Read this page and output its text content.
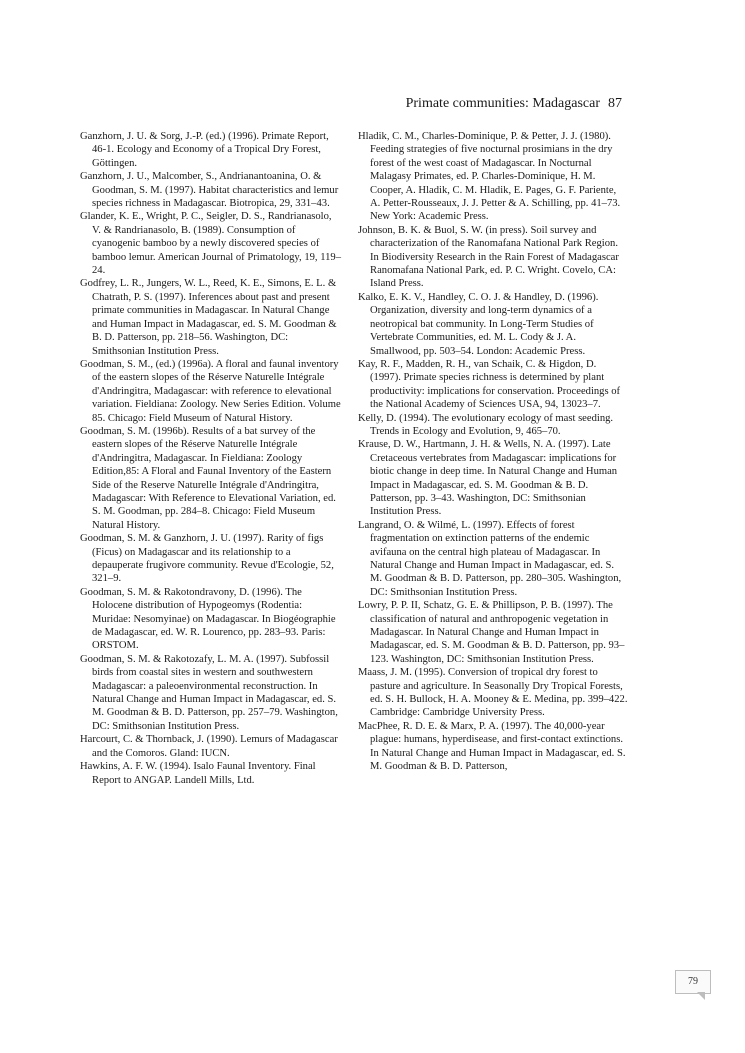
Primate communities: Madagascar 87

Ganzhorn, J. U. & Sorg, J.-P. (ed.) (1996). Primate Report, 46-1. Ecology and Economy of a Tropical Dry Forest, Göttingen.

Ganzhorn, J. U., Malcomber, S., Andrianantoanina, O. & Goodman, S. M. (1997). Habitat characteristics and lemur species richness in Madagascar. Biotropica, 29, 331–43.

Glander, K. E., Wright, P. C., Seigler, D. S., Randrianasolo, V. & Randrianasolo, B. (1989). Consumption of cyanogenic bamboo by a newly discovered species of bamboo lemur. American Journal of Primatology, 19, 119–24.

Godfrey, L. R., Jungers, W. L., Reed, K. E., Simons, E. L. & Chatrath, P. S. (1997). Inferences about past and present primate communities in Madagascar. In Natural Change and Human Impact in Madagascar, ed. S. M. Goodman & B. D. Patterson, pp. 218–56. Washington, DC: Smithsonian Institution Press.

Goodman, S. M., (ed.) (1996a). A floral and faunal inventory of the eastern slopes of the Réserve Naturelle Intégrale d'Andringitra, Madagascar: with reference to elevational variation. Fieldiana: Zoology. New Series Edition. Volume 85. Chicago: Field Museum of Natural History.

Goodman, S. M. (1996b). Results of a bat survey of the eastern slopes of the Réserve Naturelle Intégrale d'Andringitra, Madagascar. In Fieldiana: Zoology Edition,85: A Floral and Faunal Inventory of the Eastern Side of the Reserve Naturelle Intégrale d'Andringitra, Madagascar: With Reference to Elevational Variation, ed. S. M. Goodman, pp. 284–8. Chicago: Field Museum Natural History.

Goodman, S. M. & Ganzhorn, J. U. (1997). Rarity of figs (Ficus) on Madagascar and its relationship to a depauperate frugivore community. Revue d'Ecologie, 52, 321–9.

Goodman, S. M. & Rakotondravony, D. (1996). The Holocene distribution of Hypogeomys (Rodentia: Muridae: Nesomyinae) on Madagascar. In Biogéographie de Madagascar, ed. W. R. Lourenco, pp. 283–93. Paris: ORSTOM.

Goodman, S. M. & Rakotozafy, L. M. A. (1997). Subfossil birds from coastal sites in western and southwestern Madagascar: a paleoenvironmental reconstruction. In Natural Change and Human Impact in Madagascar, ed. S. M. Goodman & B. D. Patterson, pp. 257–79. Washington, DC: Smithsonian Institution Press.

Harcourt, C. & Thornback, J. (1990). Lemurs of Madagascar and the Comoros. Gland: IUCN.

Hawkins, A. F. W. (1994). Isalo Faunal Inventory. Final Report to ANGAP. Landell Mills, Ltd.

Hladik, C. M., Charles-Dominique, P. & Petter, J. J. (1980). Feeding strategies of five nocturnal prosimians in the dry forest of the west coast of Madagascar. In Nocturnal Malagasy Primates, ed. P. Charles-Dominique, H. M. Cooper, A. Hladik, C. M. Hladik, E. Pages, G. F. Pariente, A. Petter-Rousseaux, J. J. Petter & A. Schilling, pp. 41–73. New York: Academic Press.

Johnson, B. K. & Buol, S. W. (in press). Soil survey and characterization of the Ranomafana National Park Region. In Biodiversity Research in the Rain Forest of Madagascar Ranomafana National Park, ed. P. C. Wright. Covelo, CA: Island Press.

Kalko, E. K. V., Handley, C. O. J. & Handley, D. (1996). Organization, diversity and long-term dynamics of a neotropical bat community. In Long-Term Studies of Vertebrate Communities, ed. M. L. Cody & J. A. Smallwood, pp. 503–54. London: Academic Press.

Kay, R. F., Madden, R. H., van Schaik, C. & Higdon, D. (1997). Primate species richness is determined by plant productivity: implications for conservation. Proceedings of the National Academy of Sciences USA, 94, 13023–7.

Kelly, D. (1994). The evolutionary ecology of mast seeding. Trends in Ecology and Evolution, 9, 465–70.

Krause, D. W., Hartmann, J. H. & Wells, N. A. (1997). Late Cretaceous vertebrates from Madagascar: implications for biotic change in deep time. In Natural Change and Human Impact in Madagascar, ed. S. M. Goodman & B. D. Patterson, pp. 3–43. Washington, DC: Smithsonian Institution Press.

Langrand, O. & Wilmé, L. (1997). Effects of forest fragmentation on extinction patterns of the endemic avifauna on the central high plateau of Madagascar. In Natural Change and Human Impact in Madagascar, ed. S. M. Goodman & B. D. Patterson, pp. 280–305. Washington, DC: Smithsonian Institution Press.

Lowry, P. P. II, Schatz, G. E. & Phillipson, P. B. (1997). The classification of natural and anthropogenic vegetation in Madagascar. In Natural Change and Human Impact in Madagascar, ed. S. M. Goodman & B. D. Patterson, pp. 93–123. Washington, DC: Smithsonian Institution Press.

Maass, J. M. (1995). Conversion of tropical dry forest to pasture and agriculture. In Seasonally Dry Tropical Forests, ed. S. H. Bullock, H. A. Mooney & E. Medina, pp. 399–422. Cambridge: Cambridge University Press.

MacPhee, R. D. E. & Marx, P. A. (1997). The 40,000-year plague: humans, hyperdisease, and first-contact extinctions. In Natural Change and Human Impact in Madagascar, ed. S. M. Goodman & B. D. Patterson,

79
